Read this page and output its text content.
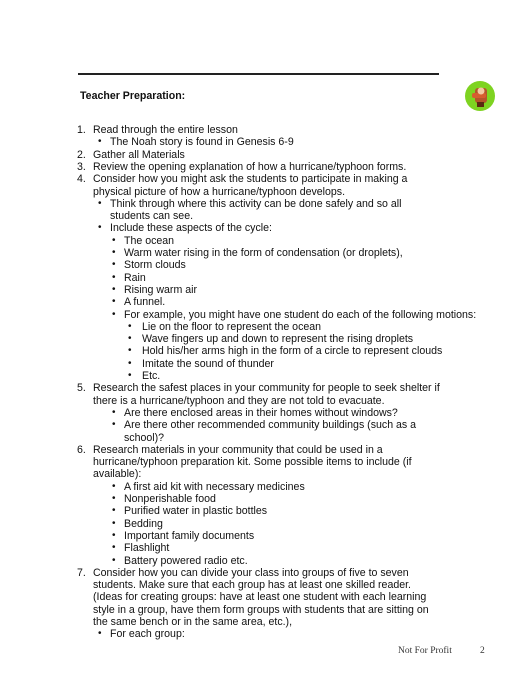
Teacher Preparation:
1. Read through the entire lesson
• The Noah story is found in Genesis 6-9
2. Gather all Materials
3. Review the opening explanation of how a hurricane/typhoon forms.
4. Consider how you might ask the students to participate in making a
physical picture of how a hurricane/typhoon develops.
• Think through where this activity can be done safely and so all
students can see.
• Include these aspects of the cycle:
• The ocean
• Warm water rising in the form of condensation (or droplets),
• Storm clouds
• Rain
• Rising warm air
• A funnel.
• For example, you might have one student do each of the following motions:
• Lie on the floor to represent the ocean
• Wave fingers up and down to represent the rising droplets
• Hold his/her arms high in the form of a circle to represent clouds
• Imitate the sound of thunder
• Etc.
5. Research the safest places in your community for people to seek shelter if
there is a hurricane/typhoon and they are not told to evacuate.
• Are there enclosed areas in their homes without windows?
• Are there other recommended community buildings (such as a
school)?
6. Research materials in your community that could be used in a
hurricane/typhoon preparation kit. Some possible items to include (if
available):
• A first aid kit with necessary medicines
• Nonperishable food
• Purified water in plastic bottles
• Bedding
• Important family documents
• Flashlight
• Battery powered radio etc.
7. Consider how you can divide your class into groups of five to seven
students. Make sure that each group has at least one skilled reader.
(Ideas for creating groups: have at least one student with each learning
style in a group, have them form groups with students that are sitting on
the same bench or in the same area, etc.),
• For each group:
Not For Profit	2
